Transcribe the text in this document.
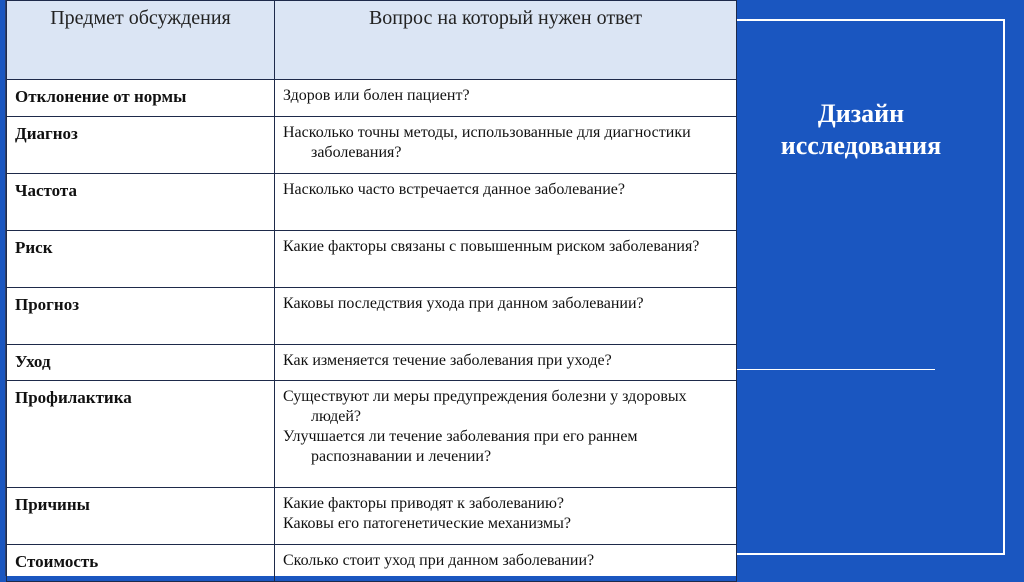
Предмет обсуждения	Вопрос на который нужен ответ
Отклонение от нормы	Здоров или болен пациент?

Диагноз	Насколько точны методы, использованные для диагностики заболевания?

Частота	Насколько часто встречается данное заболевание?

Риск	Какие факторы связаны с повышенным риском заболевания?

Прогноз	Каковы последствия ухода при данном заболевании?

Уход	Как изменяется течение заболевания при уходе?

Профилактика	Существуют ли меры предупреждения болезни у здоровых людей?
Улучшается ли течение заболевания при его раннем распознавании и лечении?

Причины	Какие факторы приводят к заболеванию?
Каковы его патогенетические механизмы?

Стоимость	Сколько стоит уход при данном заболевании?
Дизайн
исследования
